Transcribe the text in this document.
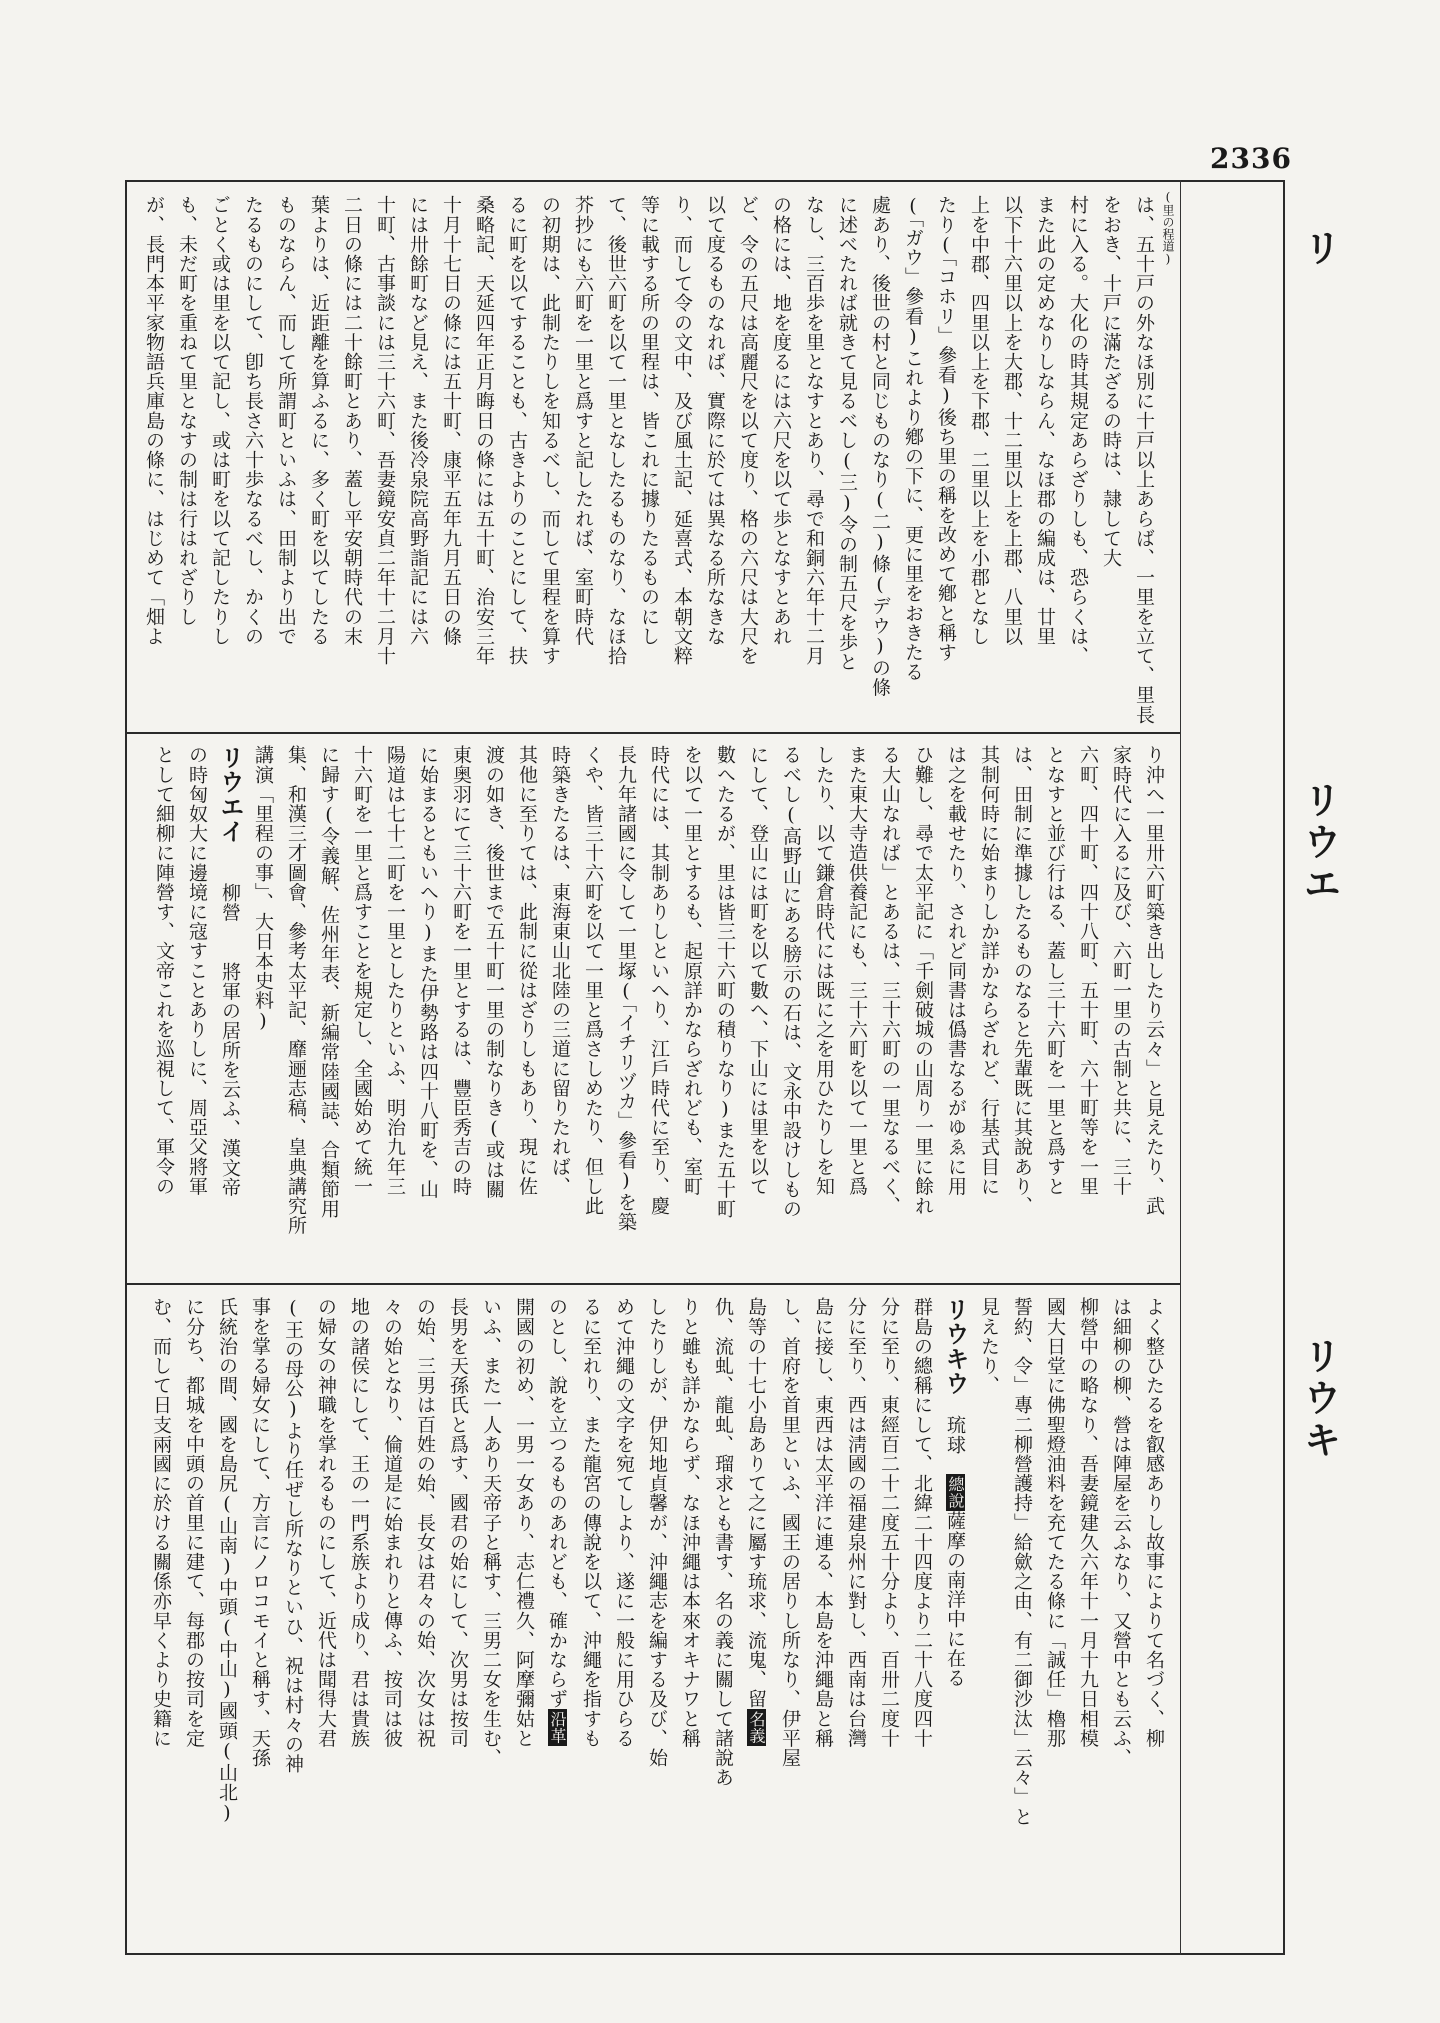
2336
リ
リウエ
リウキ
(里の程道)

は、五十戸の外なほ別に十戸以上あらば、一里を立て、里長をおき、十戸に滿たざるの時は、隷して大

村に入る。大化の時其規定あらざりしも、恐らくは、

また此の定めなりしならん、なほ郡の編成は、廿里

以下十六里以上を大郡、十二里以上を上郡、八里以

上を中郡、四里以上を下郡、二里以上を小郡となし

たり(「コホリ」參看)後ち里の稱を改めて鄕と稱す

(「ガウ」參看)これより鄕の下に、更に里をおきたる

處あり、後世の村と同じものなり(二)條(デウ)の條

に述べたれば就きて見るべし(三)令の制五尺を歩と

なし、三百歩を里となすとあり、尋で和銅六年十二月

の格には、地を度るには六尺を以て歩となすとあれ

ど、令の五尺は高麗尺を以て度り、格の六尺は大尺を

以て度るものなれば、實際に於ては異なる所なきな

り、而して令の文中、及び風土記、延喜式、本朝文粹

等に載する所の里程は、皆これに據りたるものにし

て、後世六町を以て一里となしたるものなり、なほ拾

芥抄にも六町を一里と爲すと記したれば、室町時代

の初期は、此制たりしを知るべし、而して里程を算す

るに町を以てすることも、古きよりのことにして、扶

桑略記、天延四年正月晦日の條には五十町、治安三年

十月十七日の條には五十町、康平五年九月五日の條

には卅餘町など見え、また後冷泉院高野詣記には六

十町、古事談には三十六町、吾妻鏡安貞二年十二月十

二日の條には二十餘町とあり、蓋し平安朝時代の末

葉よりは、近距離を算ふるに、多く町を以てしたる

ものならん、而して所謂町といふは、田制より出で

たるものにして、卽ち長さ六十歩なるべし、かくの

ごとく或は里を以て記し、或は町を以て記したりし

も、未だ町を重ねて里となすの制は行はれざりし

が、長門本平家物語兵庫島の條に、はじめて「畑よ

り沖へ一里卅六町築き出したり云々」と見えたり、武

家時代に入るに及び、六町一里の古制と共に、三十

六町、四十町、四十八町、五十町、六十町等を一里

となすと並び行はる、蓋し三十六町を一里と爲すと

は、田制に準據したるものなると先輩既に其說あり、

其制何時に始まりしか詳かならざれど、行基式目に

は之を載せたり、されど同書は僞書なるがゆゑに用

ひ難し、尋で太平記に「千劍破城の山周り一里に餘れ

る大山なれば」とあるは、三十六町の一里なるべく、

また東大寺造供養記にも、三十六町を以て一里と爲

したり、以て鎌倉時代には既に之を用ひたりしを知

るべし(高野山にある膀示の石は、文永中設けしもの

にして、登山には町を以て數へ、下山には里を以て

數へたるが、里は皆三十六町の積りなり)また五十町

を以て一里とするも、起原詳かならざれども、室町

時代には、其制ありしといへり、江戶時代に至り、慶

長九年諸國に令して一里塚(「イチリヅカ」參看)を築

くや、皆三十六町を以て一里と爲さしめたり、但し此

時築きたるは、東海東山北陸の三道に留りたれば、

其他に至りては、此制に從はざりしもあり、現に佐

渡の如き、後世まで五十町一里の制なりき(或は關

東奥羽にて三十六町を一里とするは、豐臣秀吉の時

に始まるともいへり)また伊勢路は四十八町を、山

陽道は七十二町を一里としたりといふ、明治九年三

十六町を一里と爲すことを規定し、全國始めて統一

に歸す(令義解、佐州年表、新編常陸國誌、合類節用

集、和漢三才圖會、參考太平記、靡逦志稿、皇典講究所

講演「里程の事」、大日本史料)

リウエイ　柳營　將軍の居所を云ふ、漢文帝

の時匈奴大に邊境に寇すことありしに、周亞父將軍

として細柳に陣營す、文帝これを巡視して、軍令の

よく整ひたるを叡感ありし故事によりて名づく、柳

は細柳の柳、營は陣屋を云ふなり、又營中とも云ふ、

柳營中の略なり、吾妻鏡建久六年十一月十九日相模

國大日堂に佛聖燈油料を充てたる條に「誠任」櫓那

誓約、令」專二柳營護持」給歛之由、有二御沙汰」云々」と

見えたり、

リウキウ　琉球　總說薩摩の南洋中に在る

群島の總稱にして、北緯二十四度より二十八度四十

分に至り、東經百二十二度五十分より、百卅二度十

分に至り、西は淸國の福建泉州に對し、西南は台灣

島に接し、東西は太平洋に連る、本島を沖繩島と稱

し、首府を首里といふ、國王の居りし所なり、伊平屋

島等の十七小島ありて之に屬す琉求、流鬼、留名義

仇、流虬、龍虬、瑠求とも書す、名の義に關して諸說あ

りと雖も詳かならず、なほ沖繩は本來オキナワと稱

したりしが、伊知地貞馨が、沖繩志を編する及び、始

めて沖繩の文字を宛てしより、遂に一般に用ひらる

るに至れり、また龍宮の傳說を以て、沖繩を指すも

のとし、說を立つるものあれども、確かならず沿革

開國の初め、一男一女あり、志仁禮久、阿摩彌姑と

いふ、また一人あり天帝子と稱す、三男二女を生む、

長男を天孫氏と爲す、國君の始にして、次男は按司

の始、三男は百姓の始、長女は君々の始、次女は祝

々の始となり、倫道是に始まれりと傳ふ、按司は彼

地の諸侯にして、王の一門系族より成り、君は貴族

の婦女の神職を掌れるものにして、近代は聞得大君

(王の母公)より任ぜし所なりといひ、祝は村々の神

事を掌る婦女にして、方言にノロコモイと稱す、天孫

氏統治の間、國を島尻(山南)中頭(中山)國頭(山北)

に分ち、都城を中頭の首里に建て、每郡の按司を定

む、而して日支兩國に於ける關係亦早くより史籍に
